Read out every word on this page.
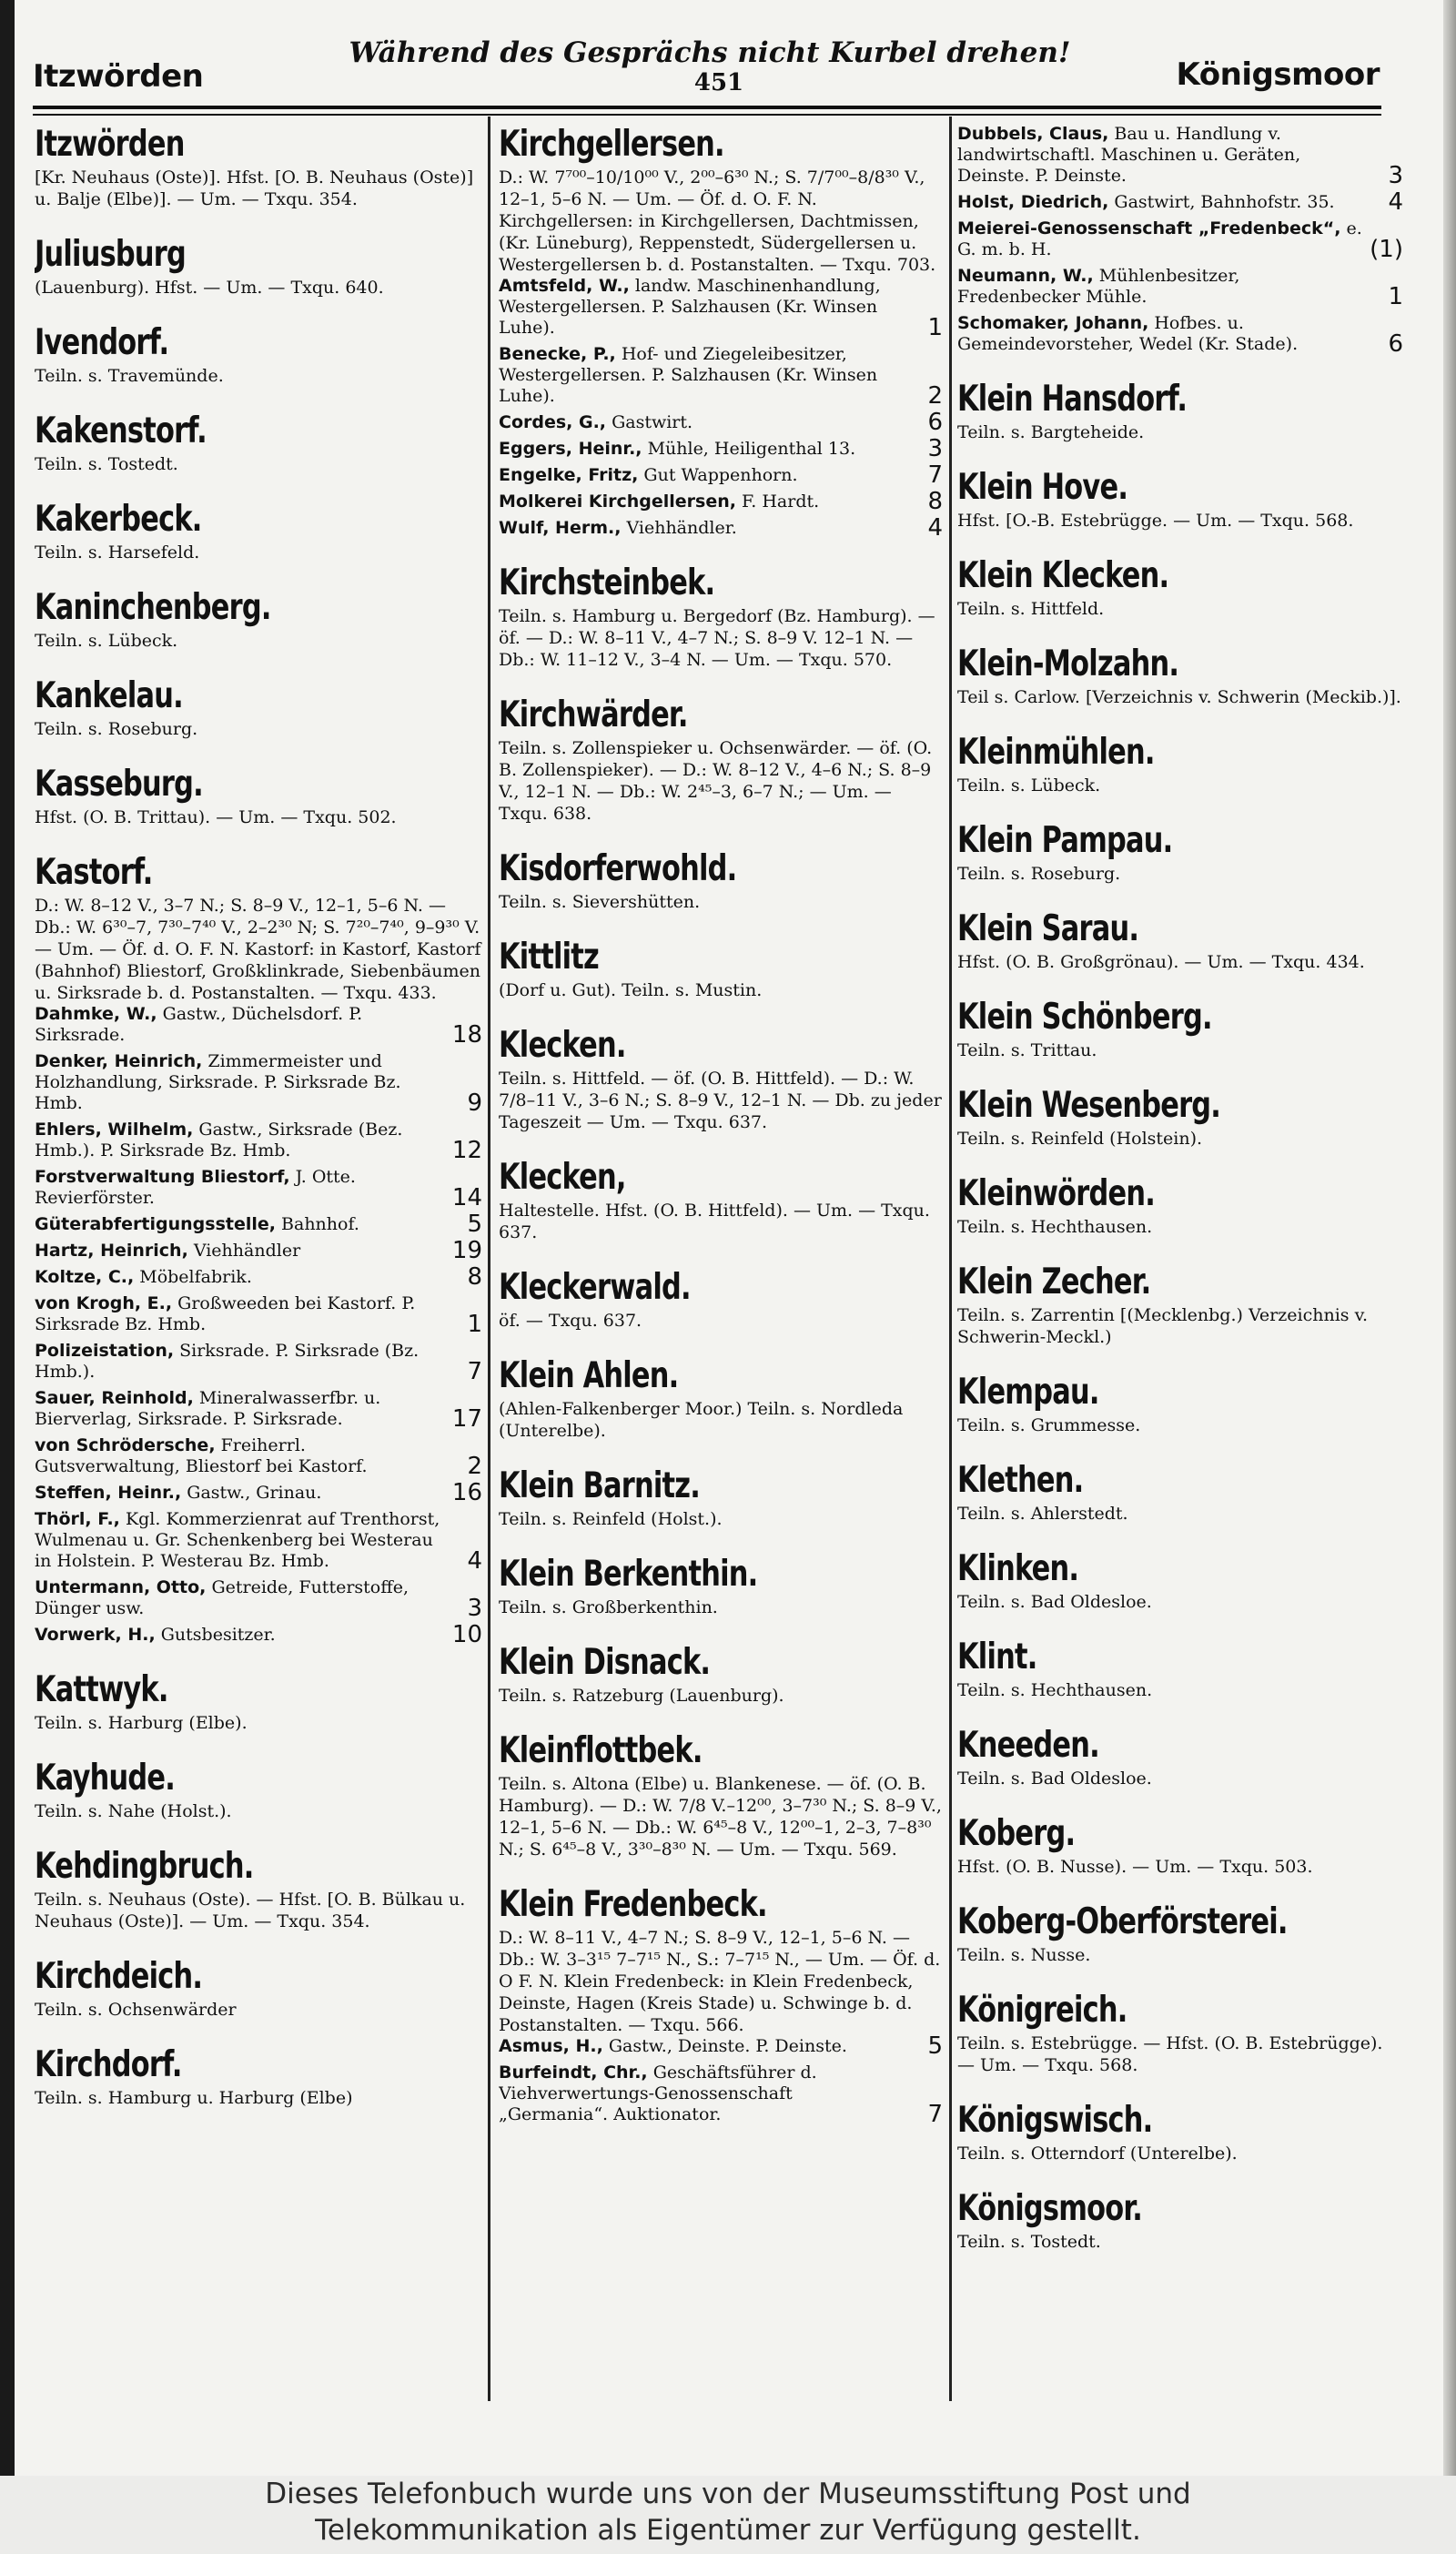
Itzwörden
Während des Gesprächs nicht Kurbel drehen!
451	Königsmoor
Itzwörden
[Kr. Neuhaus (Oste)]. Hfst. [O. B. Neuhaus (Oste)] u. Balje (Elbe)]. — Um. — Txqu. 354.
Juliusburg
(Lauenburg). Hfst. — Um. — Txqu. 640.
Ivendorf.
Teiln. s. Travemünde.
Kakenstorf.
Teiln. s. Tostedt.
Kakerbeck.
Teiln. s. Harsefeld.
Kaninchenberg.
Teiln. s. Lübeck.
Kankelau.
Teiln. s. Roseburg.
Kasseburg.
Hfst. (O. B. Trittau). — Um. — Txqu. 502.
Kastorf.
D.: W. 8–12 V., 3–7 N.; S. 8–9 V., 12–1, 5–6 N. — Db.: W. 6³⁰–7, 7³⁰–7⁴⁰ V., 2–2³⁰ N; S. 7²⁰–7⁴⁰, 9–9³⁰ V. — Um. — Öf. d. O. F. N. Kastorf: in Kastorf, Kastorf (Bahnhof) Bliestorf, Großklinkrade, Siebenbäumen u. Sirksrade b. d. Postanstalten. — Txqu. 433.
Dahmke, W., Gastw., Düchelsdorf. P. Sirksrade.	18
Denker, Heinrich, Zimmermeister und Holzhandlung, Sirksrade. P. Sirksrade Bz. Hmb.	9
Ehlers, Wilhelm, Gastw., Sirksrade (Bez. Hmb.). P. Sirksrade Bz. Hmb.	12
Forstverwaltung Bliestorf, J. Otte. Revierförster.	14
Güterabfertigungsstelle, Bahnhof.	5
Hartz, Heinrich, Viehhändler	19
Koltze, C., Möbelfabrik.	8
von Krogh, E., Großweeden bei Kastorf. P. Sirksrade Bz. Hmb.	1
Polizeistation, Sirksrade. P. Sirksrade (Bz. Hmb.).	7
Sauer, Reinhold, Mineralwasserfbr. u. Bierverlag, Sirksrade. P. Sirksrade.	17
von Schrödersche, Freiherrl. Gutsverwaltung, Bliestorf bei Kastorf.	2
Steffen, Heinr., Gastw., Grinau.	16
Thörl, F., Kgl. Kommerzienrat auf Trenthorst, Wulmenau u. Gr. Schenkenberg bei Westerau in Holstein. P. Westerau Bz. Hmb.	4
Untermann, Otto, Getreide, Futterstoffe, Dünger usw.	3
Vorwerk, H., Gutsbesitzer.	10
Kattwyk.
Teiln. s. Harburg (Elbe).
Kayhude.
Teiln. s. Nahe (Holst.).
Kehdingbruch.
Teiln. s. Neuhaus (Oste). — Hfst. [O. B. Bülkau u. Neuhaus (Oste)]. — Um. — Txqu. 354.
Kirchdeich.
Teiln. s. Ochsenwärder
Kirchdorf.
Teiln. s. Hamburg u. Harburg (Elbe)
Kirchgellersen.
D.: W. 7⁷⁰⁰–10/10⁰⁰ V., 2⁰⁰–6³⁰ N.; S. 7/7⁰⁰–8/8³⁰ V., 12–1, 5–6 N. — Um. — Öf. d. O. F. N. Kirchgellersen: in Kirchgellersen, Dachtmissen, (Kr. Lüneburg), Reppenstedt, Südergellersen u. Westergellersen b. d. Postanstalten. — Txqu. 703.
Amtsfeld, W., landw. Maschinenhandlung, Westergellersen. P. Salzhausen (Kr. Winsen Luhe).	1
Benecke, P., Hof- und Ziegeleibesitzer, Westergellersen. P. Salzhausen (Kr. Winsen Luhe).	2
Cordes, G., Gastwirt.	6
Eggers, Heinr., Mühle, Heiligenthal 13.	3
Engelke, Fritz, Gut Wappenhorn.	7
Molkerei Kirchgellersen, F. Hardt.	8
Wulf, Herm., Viehhändler.	4
Kirchsteinbek.
Teiln. s. Hamburg u. Bergedorf (Bz. Hamburg). — öf. — D.: W. 8–11 V., 4–7 N.; S. 8–9 V. 12–1 N. — Db.: W. 11–12 V., 3–4 N. — Um. — Txqu. 570.
Kirchwärder.
Teiln. s. Zollenspieker u. Ochsenwärder. — öf. (O. B. Zollenspieker). — D.: W. 8–12 V., 4–6 N.; S. 8–9 V., 12–1 N. — Db.: W. 2⁴⁵–3, 6–7 N.; — Um. — Txqu. 638.
Kisdorferwohld.
Teiln. s. Sievershütten.
Kittlitz
(Dorf u. Gut). Teiln. s. Mustin.
Klecken.
Teiln. s. Hittfeld. — öf. (O. B. Hittfeld). — D.: W. 7/8–11 V., 3–6 N.; S. 8–9 V., 12–1 N. — Db. zu jeder Tageszeit — Um. — Txqu. 637.
Klecken,
Haltestelle. Hfst. (O. B. Hittfeld). — Um. — Txqu. 637.
Kleckerwald.
öf. — Txqu. 637.
Klein Ahlen.
(Ahlen-Falkenberger Moor.) Teiln. s. Nordleda (Unterelbe).
Klein Barnitz.
Teiln. s. Reinfeld (Holst.).
Klein Berkenthin.
Teiln. s. Großberkenthin.
Klein Disnack.
Teiln. s. Ratzeburg (Lauenburg).
Kleinflottbek.
Teiln. s. Altona (Elbe) u. Blankenese. — öf. (O. B. Hamburg). — D.: W. 7/8 V.–12⁰⁰, 3–7³⁰ N.; S. 8–9 V., 12–1, 5–6 N. — Db.: W. 6⁴⁵–8 V., 12⁰⁰–1, 2–3, 7–8³⁰ N.; S. 6⁴⁵–8 V., 3³⁰–8³⁰ N. — Um. — Txqu. 569.
Klein Fredenbeck.
D.: W. 8–11 V., 4–7 N.; S. 8–9 V., 12–1, 5–6 N. — Db.: W. 3–3¹⁵ 7–7¹⁵ N., S.: 7–7¹⁵ N., — Um. — Öf. d. O F. N. Klein Fredenbeck: in Klein Fredenbeck, Deinste, Hagen (Kreis Stade) u. Schwinge b. d. Postanstalten. — Txqu. 566.
Asmus, H., Gastw., Deinste. P. Deinste.	5
Burfeindt, Chr., Geschäftsführer d. Viehverwertungs-Genossenschaft „Germania“. Auktionator.	7
Dubbels, Claus, Bau u. Handlung v. landwirtschaftl. Maschinen u. Geräten, Deinste. P. Deinste.	3
Holst, Diedrich, Gastwirt, Bahnhofstr. 35.	4
Meierei-Genossenschaft „Fredenbeck“, e. G. m. b. H.	(1)
Neumann, W., Mühlenbesitzer, Fredenbecker Mühle.	1
Schomaker, Johann, Hofbes. u. Gemeindevorsteher, Wedel (Kr. Stade).	6
Klein Hansdorf.
Teiln. s. Bargteheide.
Klein Hove.
Hfst. [O.-B. Estebrügge. — Um. — Txqu. 568.
Klein Klecken.
Teiln. s. Hittfeld.
Klein-Molzahn.
Teil s. Carlow. [Verzeichnis v. Schwerin (Meckib.)].
Kleinmühlen.
Teiln. s. Lübeck.
Klein Pampau.
Teiln. s. Roseburg.
Klein Sarau.
Hfst. (O. B. Großgrönau). — Um. — Txqu. 434.
Klein Schönberg.
Teiln. s. Trittau.
Klein Wesenberg.
Teiln. s. Reinfeld (Holstein).
Kleinwörden.
Teiln. s. Hechthausen.
Klein Zecher.
Teiln. s. Zarrentin [(Mecklenbg.) Verzeichnis v. Schwerin-Meckl.)
Klempau.
Teiln. s. Grummesse.
Klethen.
Teiln. s. Ahlerstedt.
Klinken.
Teiln. s. Bad Oldesloe.
Klint.
Teiln. s. Hechthausen.
Kneeden.
Teiln. s. Bad Oldesloe.
Koberg.
Hfst. (O. B. Nusse). — Um. — Txqu. 503.
Koberg-Oberförsterei.
Teiln. s. Nusse.
Königreich.
Teiln. s. Estebrügge. — Hfst. (O. B. Estebrügge). — Um. — Txqu. 568.
Königswisch.
Teiln. s. Otterndorf (Unterelbe).
Königsmoor.
Teiln. s. Tostedt.
Dieses Telefonbuch wurde uns von der Museumsstiftung Post und
Telekommunikation als Eigentümer zur Verfügung gestellt.
